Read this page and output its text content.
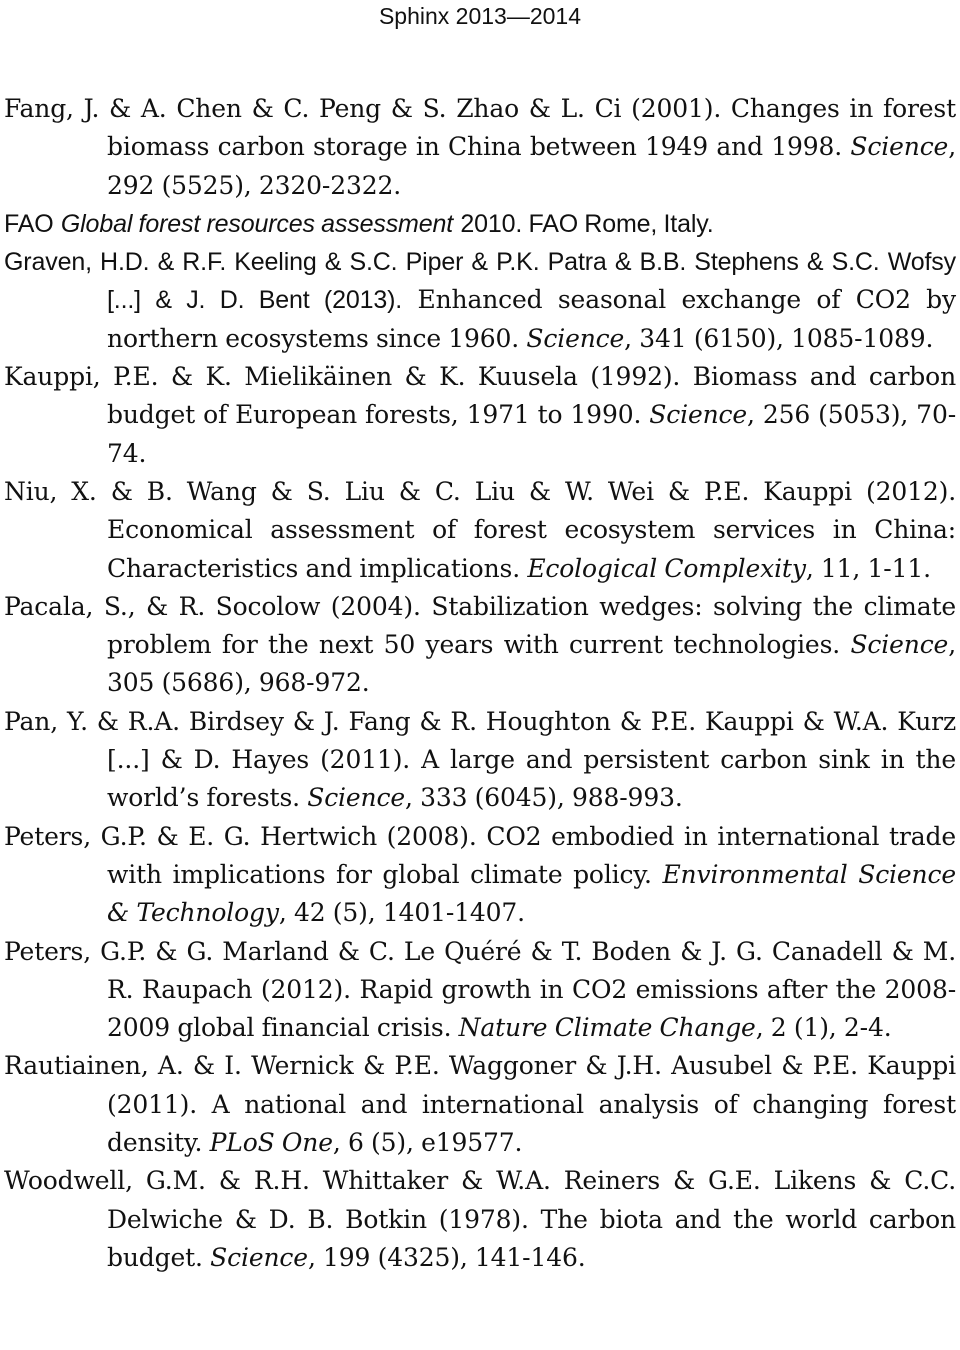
Sphinx 2013—2014
Fang, J. & A. Chen & C. Peng & S. Zhao & L. Ci (2001). Changes in forest biomass carbon storage in China between 1949 and 1998. Science, 292 (5525), 2320-2322.
FAO Global forest resources assessment 2010. FAO Rome, Italy.
Graven, H.D. & R.F. Keeling & S.C. Piper & P.K. Patra & B.B. Stephens & S.C. Wofsy [...] & J. D. Bent (2013). Enhanced seasonal exchange of CO2 by northern ecosystems since 1960. Science, 341 (6150), 1085-1089.
Kauppi, P.E. & K. Mielikäinen & K. Kuusela (1992). Biomass and carbon budget of European forests, 1971 to 1990. Science, 256 (5053), 70-74.
Niu, X. & B. Wang & S. Liu & C. Liu & W. Wei & P.E. Kauppi (2012). Economical assessment of forest ecosystem services in China: Characteristics and implications. Ecological Complexity, 11, 1-11.
Pacala, S., & R. Socolow (2004). Stabilization wedges: solving the climate problem for the next 50 years with current technologies. Science, 305 (5686), 968-972.
Pan, Y. & R.A. Birdsey & J. Fang & R. Houghton & P.E. Kauppi & W.A. Kurz [...] & D. Hayes (2011). A large and persistent carbon sink in the world’s forests. Science, 333 (6045), 988-993.
Peters, G.P. & E. G. Hertwich (2008). CO2 embodied in international trade with implications for global climate policy. Environmental Science & Technology, 42 (5), 1401-1407.
Peters, G.P. & G. Marland & C. Le Quéré & T. Boden & J. G. Canadell & M. R. Raupach (2012). Rapid growth in CO2 emissions after the 2008-2009 global financial crisis. Nature Climate Change, 2 (1), 2-4.
Rautiainen, A. & I. Wernick & P.E. Waggoner & J.H. Ausubel & P.E. Kauppi (2011). A national and international analysis of changing forest density. PLoS One, 6 (5), e19577.
Woodwell, G.M. & R.H. Whittaker & W.A. Reiners & G.E. Likens & C.C. Delwiche & D. B. Botkin (1978). The biota and the world carbon budget. Science, 199 (4325), 141-146.
